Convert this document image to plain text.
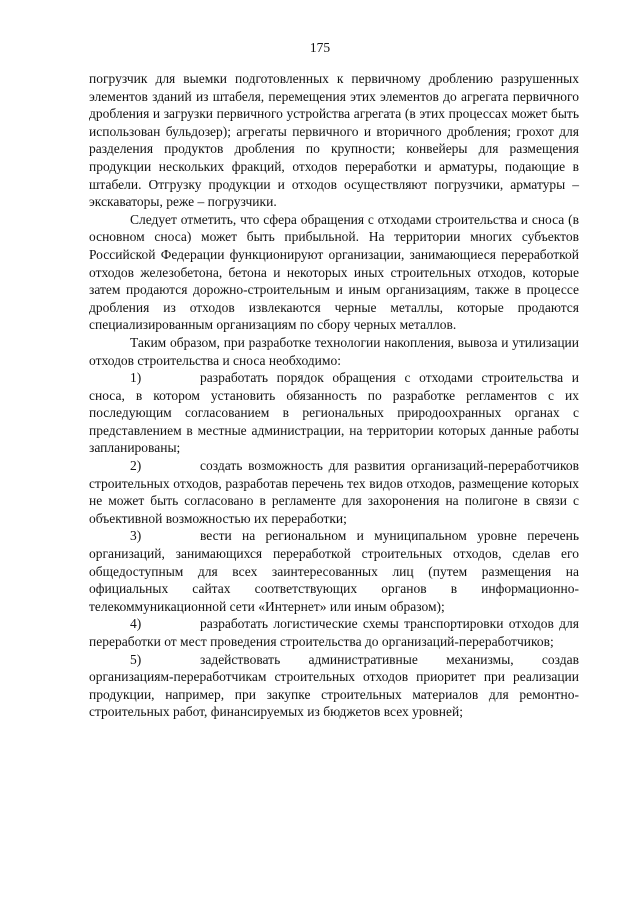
175

погрузчик для выемки подготовленных к первичному дроблению разрушенных элементов зданий из штабеля, перемещения этих элементов до агрегата первичного дробления и загрузки первичного устройства агрегата (в этих процессах может быть использован бульдозер); агрегаты первичного и вторичного дробления; грохот для разделения продуктов дробления по крупности; конвейеры для размещения продукции нескольких фракций, отходов переработки и арматуры, подающие в штабели. Отгрузку продукции и отходов осуществляют погрузчики, арматуры – экскаваторы, реже – погрузчики.

Следует отметить, что сфера обращения с отходами строительства и сноса (в основном сноса) может быть прибыльной. На территории многих субъектов Российской Федерации функционируют организации, занимающиеся переработкой отходов железобетона, бетона и некоторых иных строительных отходов, которые затем продаются дорожно-строительным и иным организациям, также в процессе дробления из отходов извлекаются черные металлы, которые продаются специализированным организациям по сбору черных металлов.

Таким образом, при разработке технологии накопления, вывоза и утилизации отходов строительства и сноса необходимо:

1)	разработать порядок обращения с отходами строительства и сноса, в котором установить обязанность по разработке регламентов с их последующим согласованием в региональных природоохранных органах с представлением в местные администрации, на территории которых данные работы запланированы;

2)	создать возможность для развития организаций-переработчиков строительных отходов, разработав перечень тех видов отходов, размещение которых не может быть согласовано в регламенте для захоронения на полигоне в связи с объективной возможностью их переработки;

3)	вести на региональном и муниципальном уровне перечень организаций, занимающихся переработкой строительных отходов, сделав его общедоступным для всех заинтересованных лиц (путем размещения на официальных сайтах соответствующих органов в информационно-телекоммуникационной сети «Интернет» или иным образом);

4)	разработать логистические схемы транспортировки отходов для переработки от мест проведения строительства до организаций-переработчиков;

5)	задействовать административные механизмы, создав организациям-переработчикам строительных отходов приоритет при реализации продукции, например, при закупке строительных материалов для ремонтно-строительных работ, финансируемых из бюджетов всех уровней;
